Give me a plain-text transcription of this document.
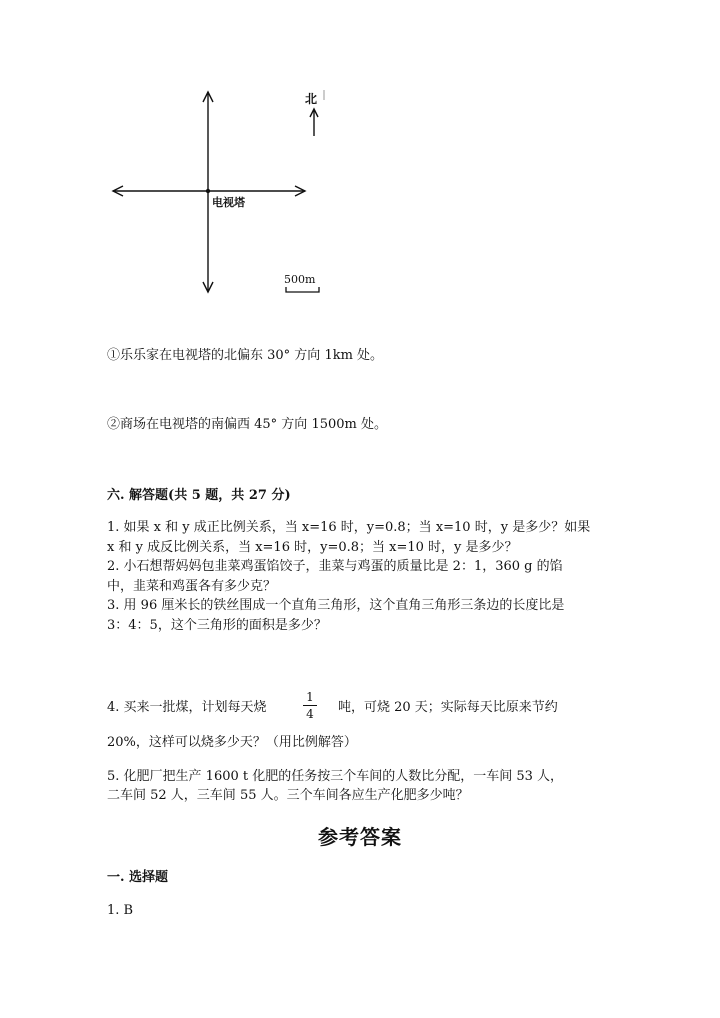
北
电视塔
500m
①乐乐家在电视塔的北偏东 30° 方向 1km 处。
②商场在电视塔的南偏西 45° 方向 1500m 处。
六. 解答题(共 5 题，共 27 分)
1. 如果 x 和 y 成正比例关系，当 x=16 时，y=0.8；当 x=10 时，y 是多少？如果
x 和 y 成反比例关系，当 x=16 时，y=0.8；当 x=10 时，y 是多少？
2. 小石想帮妈妈包韭菜鸡蛋馅饺子，韭菜与鸡蛋的质量比是 2：1，360 g 的馅
中，韭菜和鸡蛋各有多少克？
3. 用 96 厘米长的铁丝围成一个直角三角形，这个直角三角形三条边的长度比是
3：4：5，这个三角形的面积是多少？
4. 买来一批煤，计划每天烧
1
4 吨，可烧 20 天；实际每天比原来节约
20%，这样可以烧多少天？（用比例解答）
5. 化肥厂把生产 1600 t 化肥的任务按三个车间的人数比分配，一车间 53 人，
二车间 52 人，三车间 55 人。三个车间各应生产化肥多少吨？
参考答案
一. 选择题
1. B
